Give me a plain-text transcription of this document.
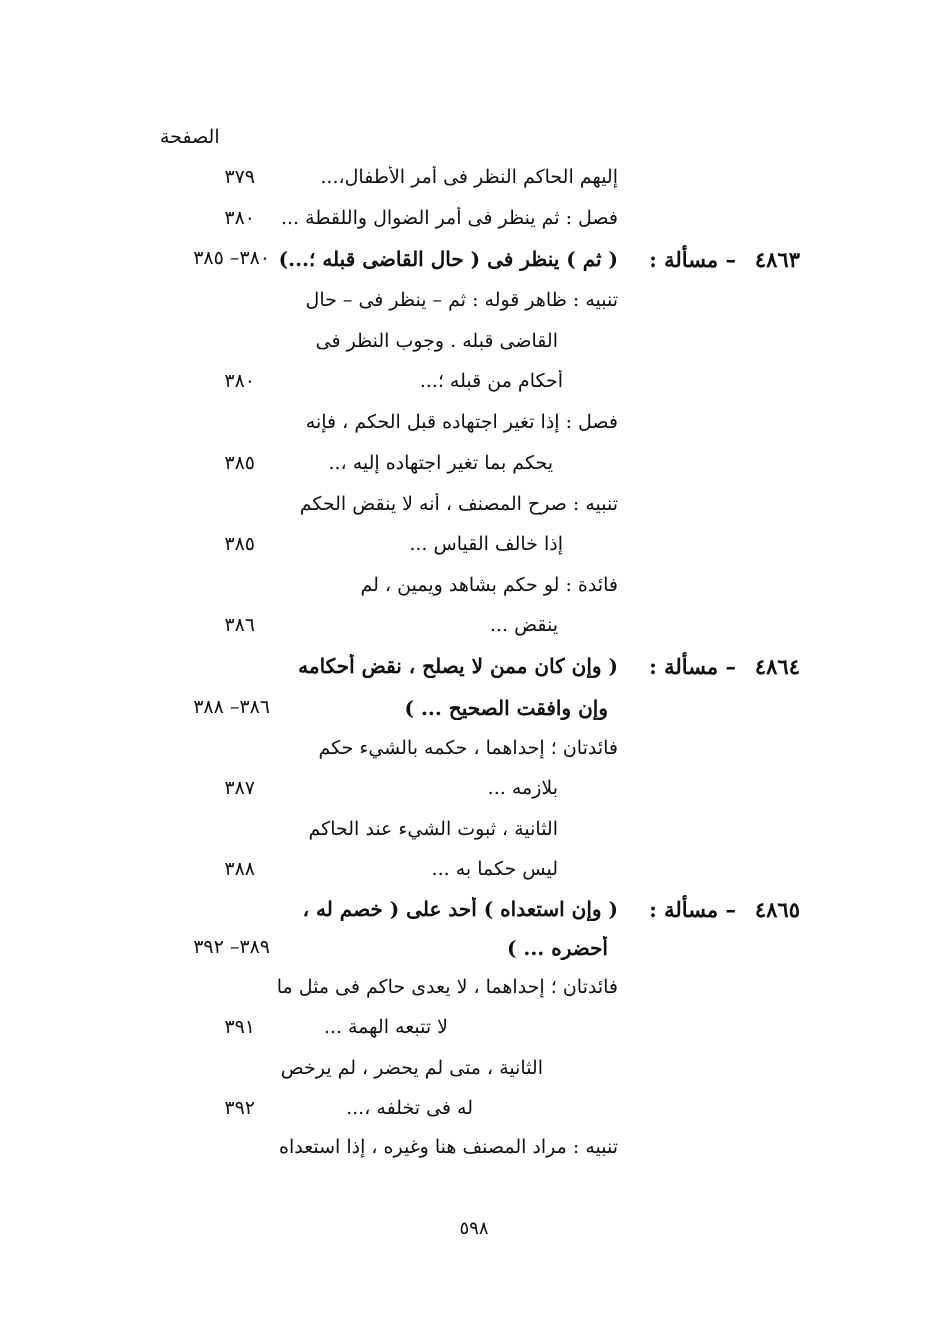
الصفحة
إليهم الحاكم النظر فى أمر الأطفال،...
٣٧٩
فصل : ثم ينظر فى أمر الضوال واللقطة ...
٣٨٠
٤٨٦٣
– مسألة :
( ثم ) ينظر فى ( حال القاضى قبله ؛...)
٣٨٠– ٣٨٥
تنبيه : ظاهر قوله : ثم – ينظر فى – حال
القاضى قبله . وجوب النظر فى
أحكام من قبله ؛...
٣٨٠
فصل : إذا تغير اجتهاده قبل الحكم ، فإنه
يحكم بما تغير اجتهاده إليه ،..
٣٨٥
تنبيه : صرح المصنف ، أنه لا ينقض الحكم
إذا خالف القياس ...
٣٨٥
فائدة : لو حكم بشاهد ويمين ، لم
ينقض ...
٣٨٦
٤٨٦٤
– مسألة :
( وإن كان ممن لا يصلح ، نقض أحكامه
وإن وافقت الصحيح ... )
٣٨٦– ٣٨٨
فائدتان ؛ إحداهما ، حكمه بالشيء حكم
بلازمه ...
٣٨٧
الثانية ، ثبوت الشيء عند الحاكم
ليس حكما به ...
٣٨٨
٤٨٦٥
– مسألة :
( وإن استعداه ) أحد على ( خصم له ،
أحضره ... )
٣٨٩– ٣٩٢
فائدتان ؛ إحداهما ، لا يعدى حاكم فى مثل ما
لا تتبعه الهمة ...
٣٩١
الثانية ، متى لم يحضر ، لم يرخص
له فى تخلفه ،...
٣٩٢
تنبيه : مراد المصنف هنا وغيره ، إذا استعداه
٥٩٨
